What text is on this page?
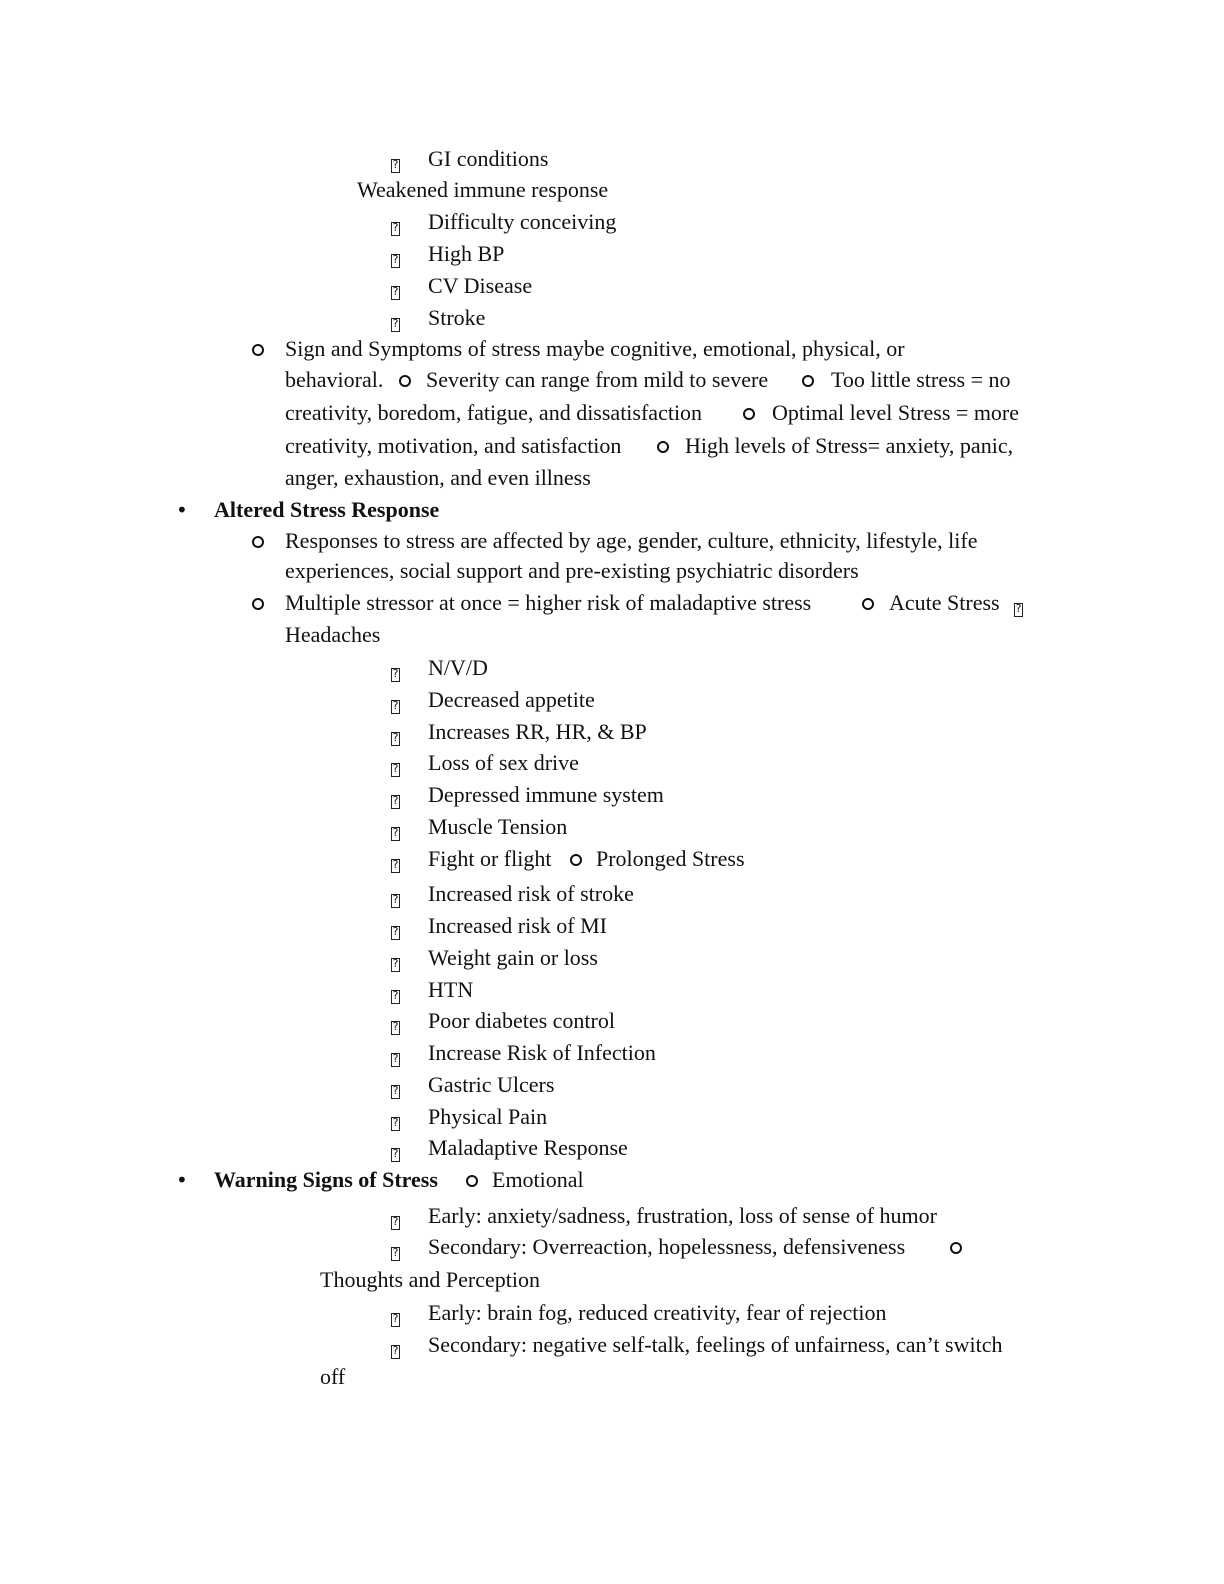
?
GI conditions
Weakened immune response
?
Difficulty conceiving
?
High BP
?
CV Disease
?
Stroke
Sign and Symptoms of stress maybe cognitive, emotional, physical, or
behavioral. Severity can range from mild to severe	Too little stress = no
creativity, boredom, fatigue, and dissatisfaction	Optimal level Stress = more
creativity, motivation, and satisfaction	High levels of Stress= anxiety, panic,
anger, exhaustion, and even illness
• Altered Stress Response
Responses to stress are affected by age, gender, culture, ethnicity, lifestyle, life
experiences, social support and pre-existing psychiatric disorders
Multiple stressor at once = higher risk of maladaptive stress	Acute Stress
?
Headaches
?
N/V/D
?
Decreased appetite
?
Increases RR, HR, & BP
?
Loss of sex drive
?
Depressed immune system
?
Muscle Tension
?
Fight or flight Prolonged Stress
?
Increased risk of stroke
?
Increased risk of MI
?
Weight gain or loss
?
HTN
?
Poor diabetes control
?
Increase Risk of Infection
?
Gastric Ulcers
?
Physical Pain
?
Maladaptive Response
• Warning Signs of Stress Emotional
?
Early: anxiety/sadness, frustration, loss of sense of humor
?
Secondary: Overreaction, hopelessness, defensiveness
Thoughts and Perception
?
Early: brain fog, reduced creativity, fear of rejection
?
Secondary: negative self-talk, feelings of unfairness, can’t switch
off
